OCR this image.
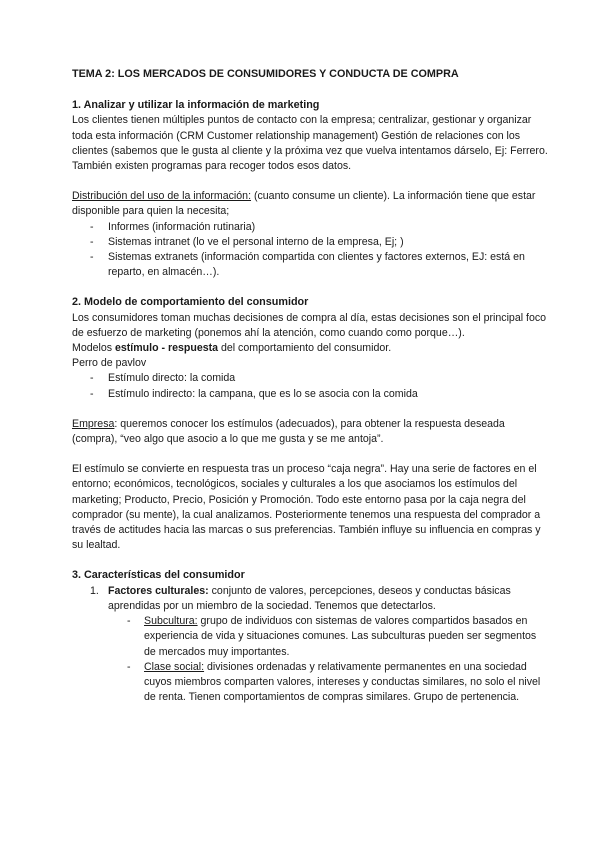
TEMA 2: LOS MERCADOS DE CONSUMIDORES Y CONDUCTA DE COMPRA

1. Analizar y utilizar la información de marketing

Los clientes tienen múltiples puntos de contacto con la empresa; centralizar, gestionar y organizar toda esta información (CRM Customer relationship management) Gestión de relaciones con los clientes (sabemos que le gusta al cliente y la próxima vez que vuelva intentamos dárselo, Ej: Ferrero. También existen programas para recoger todos esos datos.

Distribución del uso de la información: (cuanto consume un cliente). La información tiene que estar disponible para quien la necesita;

- Informes (información rutinaria)
- Sistemas intranet (lo ve el personal interno de la empresa, Ej; )
- Sistemas extranets (información compartida con clientes y factores externos, EJ: está en reparto, en almacén…).
2. Modelo de comportamiento del consumidor

Los consumidores toman muchas decisiones de compra al día, estas decisiones son el principal foco de esfuerzo de marketing (ponemos ahí la atención, como cuando como porque…).

Modelos estímulo - respuesta del comportamiento del consumidor.

Perro de pavlov

- Estímulo directo: la comida
- Estímulo indirecto: la campana, que es lo se asocia con la comida

Empresa: queremos conocer los estímulos (adecuados), para obtener la respuesta deseada (compra), “veo algo que asocio a lo que me gusta y se me antoja”.

El estímulo se convierte en respuesta tras un proceso “caja negra”. Hay una serie de factores en el entorno; económicos, tecnológicos, sociales y culturales a los que asociamos los estímulos del marketing; Producto, Precio, Posición y Promoción. Todo este entorno pasa por la caja negra del comprador (su mente), la cual analizamos. Posteriormente tenemos una respuesta del comprador a través de actitudes hacia las marcas o sus preferencias. También influye su influencia en compras y su lealtad.

3. Características del consumidor
1. Factores culturales: conjunto de valores, percepciones, deseos y conductas básicas aprendidas por un miembro de la sociedad. Tenemos que detectarlos.
- Subcultura: grupo de individuos con sistemas de valores compartidos basados en experiencia de vida y situaciones comunes. Las subculturas pueden ser segmentos de mercados muy importantes.
- Clase social: divisiones ordenadas y relativamente permanentes en una sociedad cuyos miembros comparten valores, intereses y conductas similares, no solo el nivel de renta. Tienen comportamientos de compras similares. Grupo de pertenencia.
